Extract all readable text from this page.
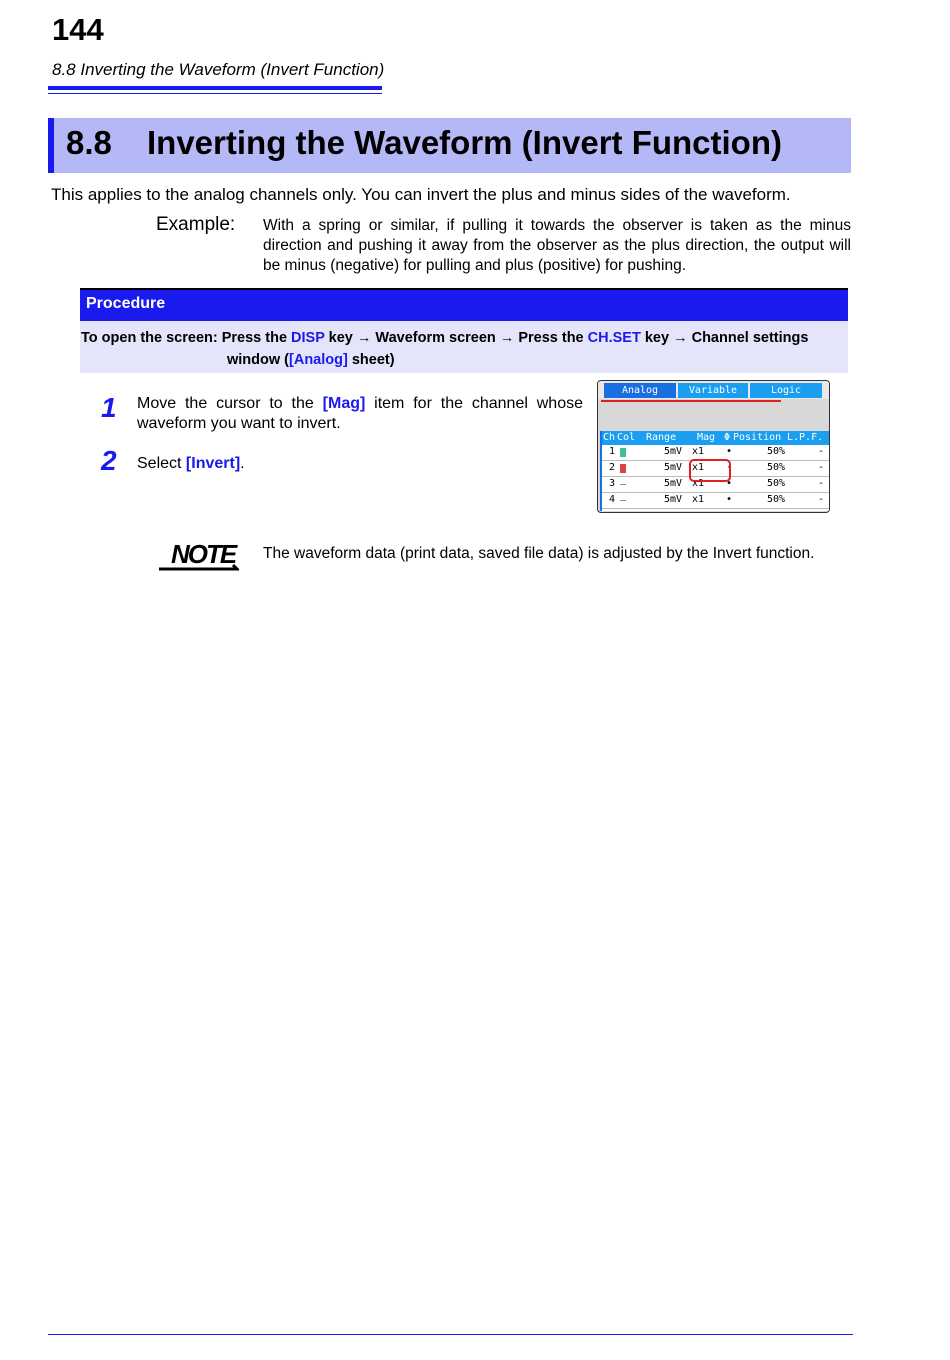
144
8.8 Inverting the Waveform (Invert Function)
8.8 Inverting the Waveform (Invert Function)
This applies to the analog channels only. You can invert the plus and minus sides of the waveform.
Example: With a spring or similar, if pulling it towards the observer is taken as the minus direction and pushing it away from the observer as the plus direction, the output will be minus (negative) for pulling and plus (positive) for pushing.
Procedure
To open the screen: Press the DISP key → Waveform screen → Press the CH.SET key → Channel settings
window ([Analog] sheet)
1 Move the cursor to the [Mag] item for the channel whose waveform you want to invert.
2 Select [Invert].
Analog	Variable	Logic
Ch Col Range Mag Φ Position L.P.F.
1	5mV x1 •	50%	-
2	5mV x1 ·	50%	-
3	5mV x1 •	50%	-
4	5mV x1 •	50%	-
NOTE The waveform data (print data, saved file data) is adjusted by the Invert function.
